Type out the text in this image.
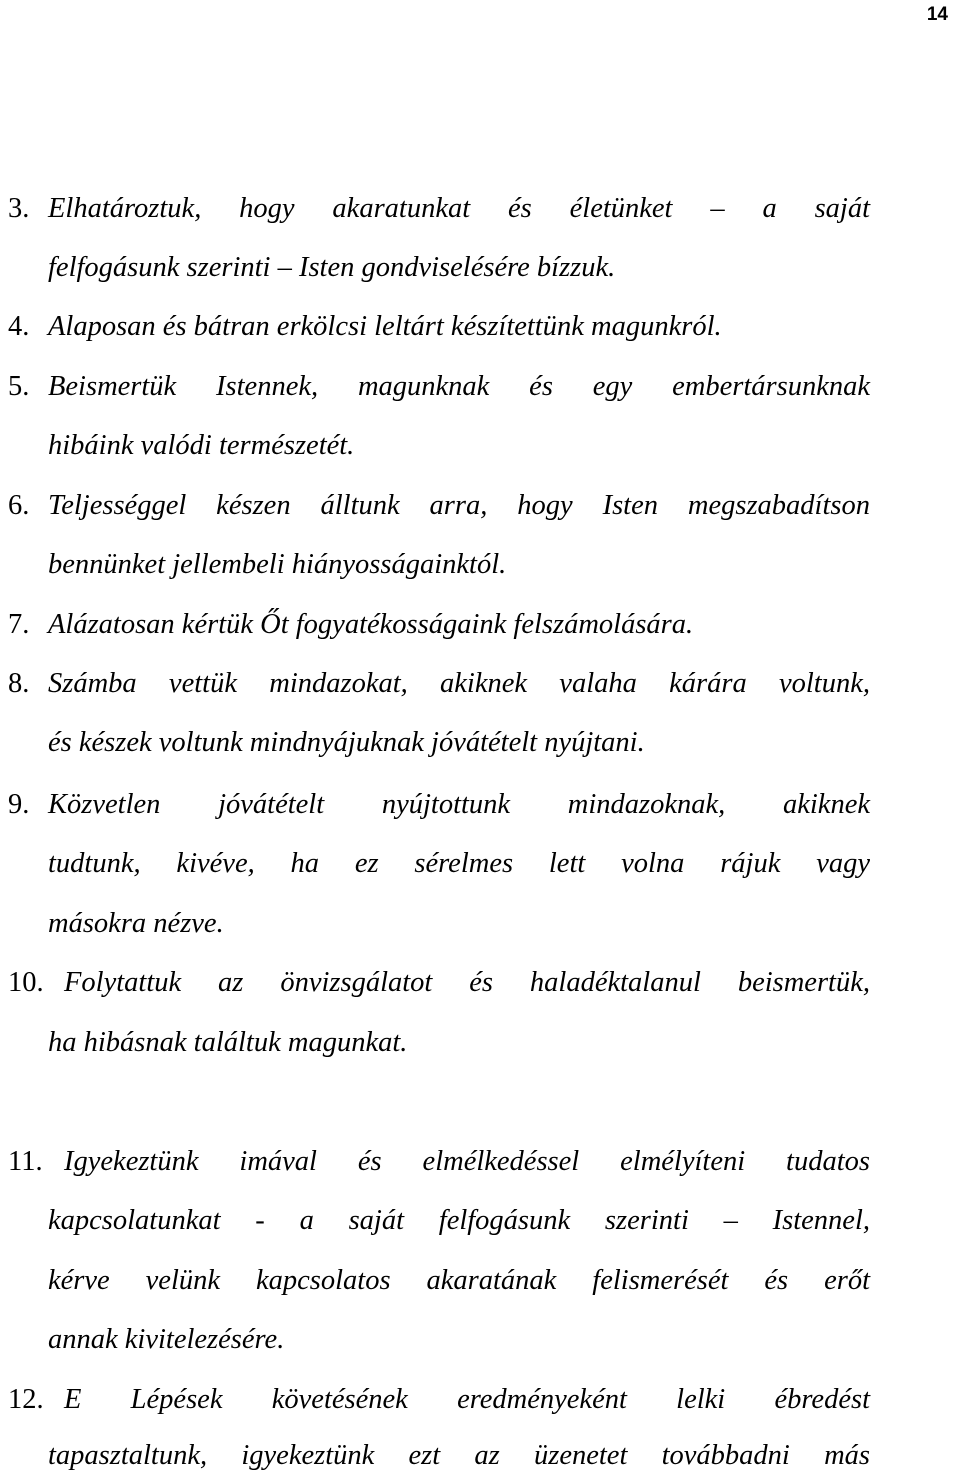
14
3. Elhatároztuk, hogy akaratunkat és életünket – a saját
felfogásunk szerinti – Isten gondviselésére bízzuk.
4. Alaposan és bátran erkölcsi leltárt készítettünk magunkról.
5. Beismertük Istennek, magunknak és egy embertársunknak
hibáink valódi természetét.
6. Teljességgel készen álltunk arra, hogy Isten megszabadítson
bennünket jellembeli hiányosságainktól.
7. Alázatosan kértük Őt fogyatékosságaink felszámolására.
8. Számba vettük mindazokat, akiknek valaha kárára voltunk,
és készek voltunk mindnyájuknak jóvátételt nyújtani.
9. Közvetlen jóvátételt nyújtottunk mindazoknak, akiknek
tudtunk, kivéve, ha ez sérelmes lett volna rájuk vagy
másokra nézve.
10. Folytattuk az önvizsgálatot és haladéktalanul beismertük,
ha hibásnak találtuk magunkat.
11. Igyekeztünk imával és elmélkedéssel elmélyíteni tudatos
kapcsolatunkat - a saját felfogásunk szerinti – Istennel,
kérve velünk kapcsolatos akaratának felismerését és erőt
annak kivitelezésére.
12. E Lépések követésének eredményeként lelki ébredést
tapasztaltunk, igyekeztünk ezt az üzenetet továbbadni más
